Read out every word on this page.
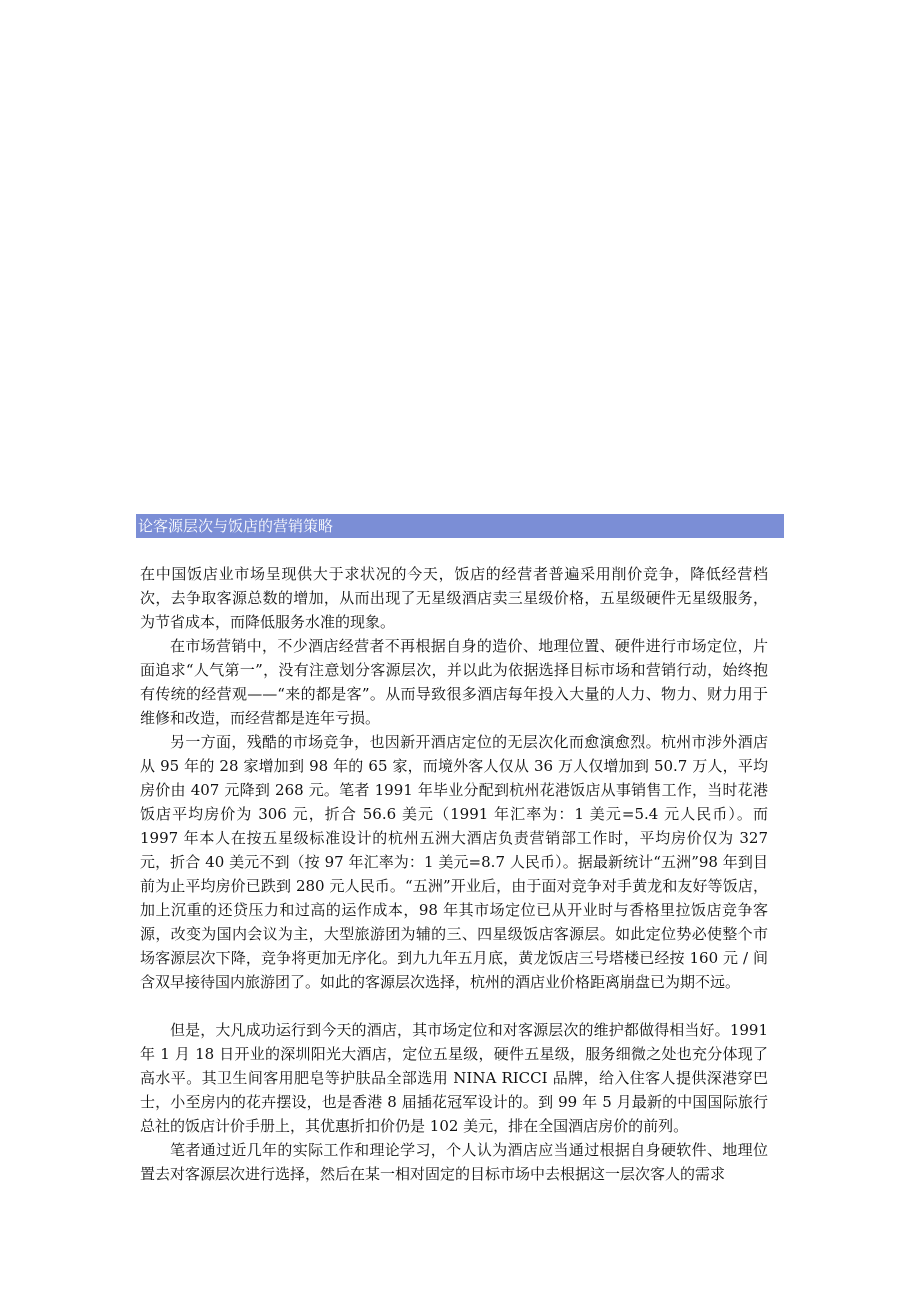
论客源层次与饭店的营销策略

在中国饭店业市场呈现供大于求状况的今天，饭店的经营者普遍采用削价竞争，降低经营档次，去争取客源总数的增加，从而出现了无星级酒店卖三星级价格，五星级硬件无星级服务，为节省成本，而降低服务水准的现象。

在市场营销中，不少酒店经营者不再根据自身的造价、地理位置、硬件进行市场定位，片面追求“人气第一”，没有注意划分客源层次，并以此为依据选择目标市场和营销行动，始终抱有传统的经营观——“来的都是客”。从而导致很多酒店每年投入大量的人力、物力、财力用于维修和改造，而经营都是连年亏损。

另一方面，残酷的市场竞争，也因新开酒店定位的无层次化而愈演愈烈。杭州市涉外酒店从 95 年的 28 家增加到 98 年的 65 家，而境外客人仅从 36 万人仅增加到 50.7 万人，平均房价由 407 元降到 268 元。笔者 1991 年毕业分配到杭州花港饭店从事销售工作，当时花港饭店平均房价为 306 元，折合 56.6 美元（1991 年汇率为：1 美元=5.4 元人民币）。而 1997 年本人在按五星级标准设计的杭州五洲大酒店负责营销部工作时，平均房价仅为 327 元，折合 40 美元不到（按 97 年汇率为：1 美元=8.7 人民币）。据最新统计“五洲”98 年到目前为止平均房价已跌到 280 元人民币。“五洲”开业后，由于面对竞争对手黄龙和友好等饭店，加上沉重的还贷压力和过高的运作成本，98 年其市场定位已从开业时与香格里拉饭店竞争客源，改变为国内会议为主，大型旅游团为辅的三、四星级饭店客源层。如此定位势必使整个市场客源层次下降，竞争将更加无序化。到九九年五月底，黄龙饭店三号塔楼已经按 160 元 / 间含双早接待国内旅游团了。如此的客源层次选择，杭州的酒店业价格距离崩盘已为期不远。

但是，大凡成功运行到今天的酒店，其市场定位和对客源层次的维护都做得相当好。1991 年 1 月 18 日开业的深圳阳光大酒店，定位五星级，硬件五星级，服务细微之处也充分体现了高水平。其卫生间客用肥皂等护肤品全部选用 NINA RICCI 品牌，给入住客人提供深港穿巴士，小至房内的花卉摆设，也是香港 8 届插花冠军设计的。到 99 年 5 月最新的中国国际旅行总社的饭店计价手册上，其优惠折扣价仍是 102 美元，排在全国酒店房价的前列。

笔者通过近几年的实际工作和理论学习，个人认为酒店应当通过根据自身硬软件、地理位置去对客源层次进行选择，然后在某一相对固定的目标市场中去根据这一层次客人的需求
